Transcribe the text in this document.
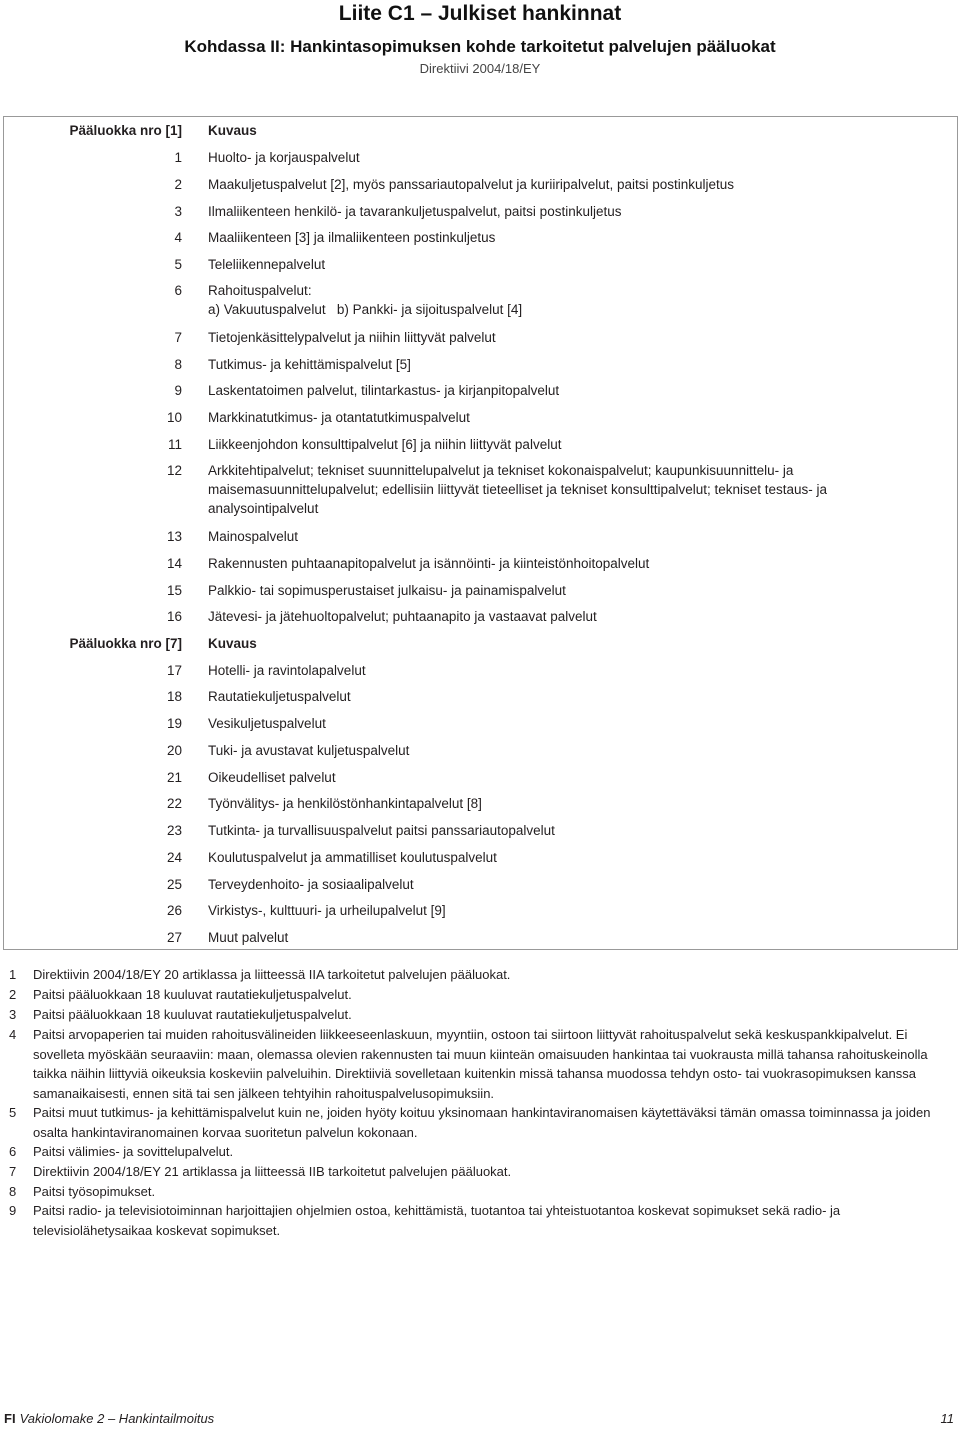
Liite C1 – Julkiset hankinnat
Kohdassa II: Hankintasopimuksen kohde tarkoitetut palvelujen pääluokat
Direktiivi 2004/18/EY
Pääluokka nro [1] Kuvaus
1 Huolto- ja korjauspalvelut
2 Maakuljetuspalvelut [2], myös panssariautopalvelut ja kuriiripalvelut, paitsi postinkuljetus
3 Ilmaliikenteen henkilö- ja tavarankuljetuspalvelut, paitsi postinkuljetus
4 Maaliikenteen [3] ja ilmaliikenteen postinkuljetus
5 Teleliikennepalvelut
6 Rahoituspalvelut:
a) Vakuutuspalvelut   b) Pankki- ja sijoituspalvelut [4]
7 Tietojenkäsittelypalvelut ja niihin liittyvät palvelut
8 Tutkimus- ja kehittämispalvelut [5]
9 Laskentatoimen palvelut, tilintarkastus- ja kirjanpitopalvelut
10 Markkinatutkimus- ja otantatutkimuspalvelut
11 Liikkeenjohdon konsulttipalvelut [6] ja niihin liittyvät palvelut
12 Arkkitehtipalvelut; tekniset suunnittelupalvelut ja tekniset kokonaispalvelut; kaupunkisuunnittelu- ja maisemasuunnittelupalvelut; edellisiin liittyvät tieteelliset ja tekniset konsulttipalvelut; tekniset testaus- ja analysointipalvelut
13 Mainospalvelut
14 Rakennusten puhtaanapitopalvelut ja isännöinti- ja kiinteistönhoitopalvelut
15 Palkkio- tai sopimusperustaiset julkaisu- ja painamispalvelut
16 Jätevesi- ja jätehuoltopalvelut; puhtaanapito ja vastaavat palvelut
Pääluokka nro [7] Kuvaus
17 Hotelli- ja ravintolapalvelut
18 Rautatiekuljetuspalvelut
19 Vesikuljetuspalvelut
20 Tuki- ja avustavat kuljetuspalvelut
21 Oikeudelliset palvelut
22 Työnvälitys- ja henkilöstönhankintapalvelut [8]
23 Tutkinta- ja turvallisuuspalvelut paitsi panssariautopalvelut
24 Koulutuspalvelut ja ammatilliset koulutuspalvelut
25 Terveydenhoito- ja sosiaalipalvelut
26 Virkistys-, kulttuuri- ja urheilupalvelut [9]
27 Muut palvelut
1	Direktiivin 2004/18/EY 20 artiklassa ja liitteessä IIA tarkoitetut palvelujen pääluokat.
2	Paitsi pääluokkaan 18 kuuluvat rautatiekuljetuspalvelut.
3	Paitsi pääluokkaan 18 kuuluvat rautatiekuljetuspalvelut.
4	Paitsi arvopaperien tai muiden rahoitusvälineiden liikkeeseenlaskuun, myyntiin, ostoon tai siirtoon liittyvät rahoituspalvelut sekä keskuspankkipalvelut. Ei sovelleta myöskään seuraaviin: maan, olemassa olevien rakennusten tai muun kiinteän omaisuuden hankintaa tai vuokrausta millä tahansa rahoituskeinolla taikka näihin liittyviä oikeuksia koskeviin palveluihin. Direktiiviä sovelletaan kuitenkin missä tahansa muodossa tehdyn osto- tai vuokrasopimuksen kanssa samanaikaisesti, ennen sitä tai sen jälkeen tehtyihin rahoituspalvelusopimuksiin.
5	Paitsi muut tutkimus- ja kehittämispalvelut kuin ne, joiden hyöty koituu yksinomaan hankintaviranomaisen käytettäväksi tämän omassa toiminnassa ja joiden osalta hankintaviranomainen korvaa suoritetun palvelun kokonaan.
6	Paitsi välimies- ja sovittelupalvelut.
7	Direktiivin 2004/18/EY 21 artiklassa ja liitteessä IIB tarkoitetut palvelujen pääluokat.
8	Paitsi työsopimukset.
9	Paitsi radio- ja televisiotoiminnan harjoittajien ohjelmien ostoa, kehittämistä, tuotantoa tai yhteistuotantoa koskevat sopimukset sekä radio- ja televisiolähetysaikaa koskevat sopimukset.
FI Vakiolomake 2 – Hankintailmoitus	11
